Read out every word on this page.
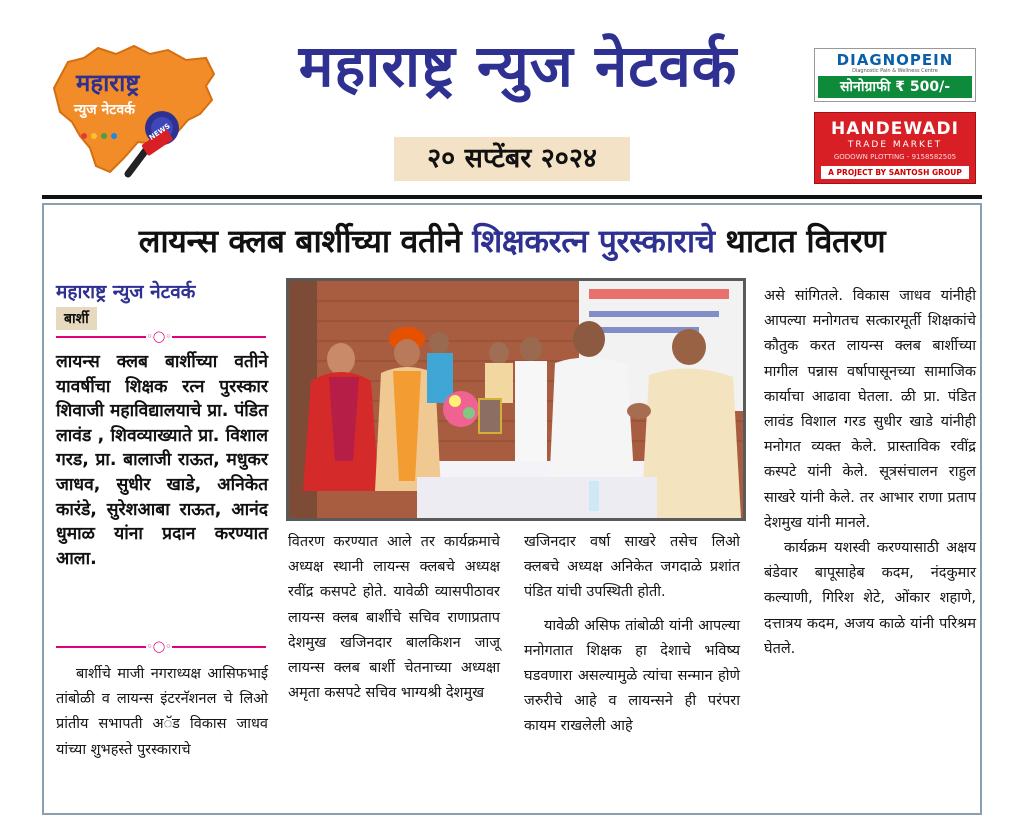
महाराष्ट्र
न्युज नेटवर्क
NEWS
महाराष्ट्र न्युज नेटवर्क
२० सप्टेंबर २०२४
DIAGNOPEIN
Diagnostic Pain & Wellness Centre
सोनोग्राफी ₹ 500/-
HANDEWADI
TRADE MARKET
GODOWN PLOTTING - 9158582505
A PROJECT BY SANTOSH GROUP
लायन्स क्लब बार्शीच्या वतीने शिक्षकरत्न पुरस्काराचे थाटात वितरण
महाराष्ट्र न्युज नेटवर्क
बार्शी
◦◯◦
लायन्स क्लब बार्शीच्या वतीने यावर्षीचा शिक्षक रत्न पुरस्कार शिवाजी महाविद्यालयाचे प्रा. पंडित लावंड , शिवव्याख्याते प्रा. विशाल गरड, प्रा. बालाजी राऊत, मधुकर जाधव, सुधीर खाडे, अनिकेत कारंडे, सुरेशआबा राऊत, आनंद धुमाळ यांना प्रदान करण्यात आला.
◦◯◦

बार्शीचे माजी नगराध्यक्ष आसिफभाई तांबोळी व लायन्स इंटरनॅशनल चे लिओ प्रांतीय सभापती अॅड विकास जाधव यांच्या शुभहस्ते पुरस्काराचे

वितरण करण्यात आले तर कार्यक्रमाचे अध्यक्ष स्थानी लायन्स क्लबचे अध्यक्ष रवींद्र कसपटे होते. यावेळी व्यासपीठावर लायन्स क्लब बार्शीचे सचिव राणाप्रताप देशमुख खजिनदार बालकिशन जाजू लायन्स क्लब बार्शी चेतनाच्या अध्यक्षा अमृता कसपटे सचिव भाग्यश्री देशमुख

खजिनदार वर्षा साखरे तसेच लिओ क्लबचे अध्यक्ष अनिकेत जगदाळे प्रशांत पंडित यांची उपस्थिती होती.

यावेळी असिफ तांबोळी यांनी आपल्या मनोगतात शिक्षक हा देशाचे भविष्य घडवणारा असल्यामुळे त्यांचा सन्मान होणे जरुरीचे आहे व लायन्सने ही परंपरा कायम राखलेली आहे

असे सांगितले. विकास जाधव यांनीही आपल्या मनोगतच सत्कारमूर्ती शिक्षकांचे कौतुक करत लायन्स क्लब बार्शीच्या मागील पन्नास वर्षापासूनच्या सामाजिक कार्याचा आढावा घेतला. ळी प्रा. पंडित लावंड विशाल गरड सुधीर खाडे यांनीही मनोगत व्यक्त केले. प्रास्ताविक रवींद्र कस्पटे यांनी केले. सूत्रसंचालन राहुल साखरे यांनी केले. तर आभार राणा प्रताप देशमुख यांनी मानले.

कार्यक्रम यशस्वी करण्यासाठी अक्षय बंडेवार बापूसाहेब कदम, नंदकुमार कल्याणी, गिरिश शेटे, ओंकार शहाणे, दत्तात्रय कदम, अजय काळे यांनी परिश्रम घेतले.
